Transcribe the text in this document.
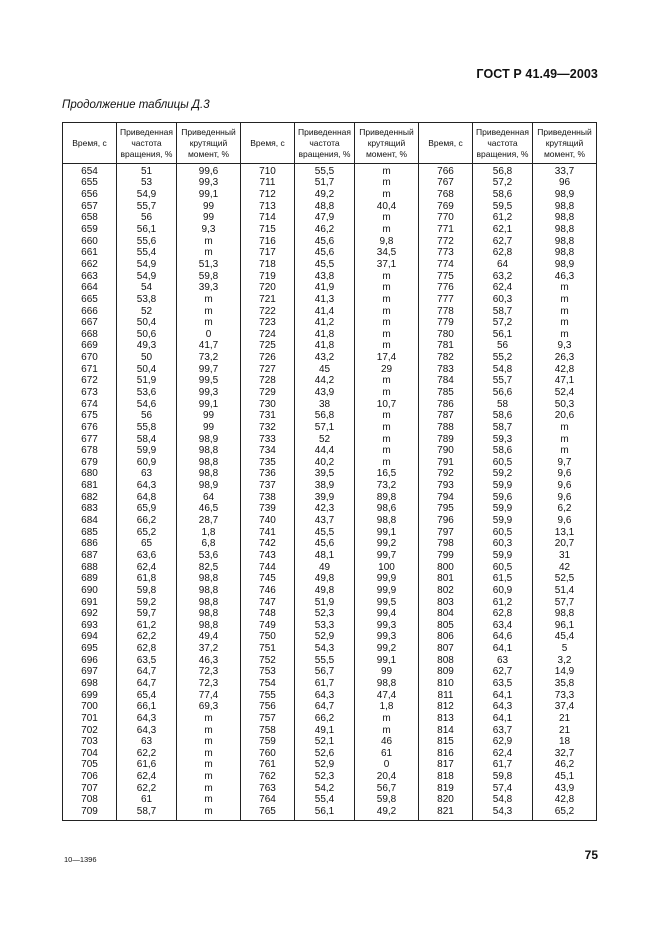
ГОСТ Р 41.49—2003
Продолжение таблицы Д.3
Время, с	Приведенная частота вращения, %	Приведенный крутящий момент, %	Время, с	Приведенная частота вращения, %	Приведенный крутящий момент, %	Время, с	Приведенная частота вращения, %	Приведенный крутящий момент, %
654	51	99,6	710	55,5	m	766	56,8	33,7
655	53	99,3	711	51,7	m	767	57,2	96
656	54,9	99,1	712	49,2	m	768	58,6	98,9
657	55,7	99	713	48,8	40,4	769	59,5	98,8
658	56	99	714	47,9	m	770	61,2	98,8
659	56,1	9,3	715	46,2	m	771	62,1	98,8
660	55,6	m	716	45,6	9,8	772	62,7	98,8
661	55,4	m	717	45,6	34,5	773	62,8	98,8
662	54,9	51,3	718	45,5	37,1	774	64	98,9
663	54,9	59,8	719	43,8	m	775	63,2	46,3
664	54	39,3	720	41,9	m	776	62,4	m
665	53,8	m	721	41,3	m	777	60,3	m
666	52	m	722	41,4	m	778	58,7	m
667	50,4	m	723	41,2	m	779	57,2	m
668	50,6	0	724	41,8	m	780	56,1	m
669	49,3	41,7	725	41,8	m	781	56	9,3
670	50	73,2	726	43,2	17,4	782	55,2	26,3
671	50,4	99,7	727	45	29	783	54,8	42,8
672	51,9	99,5	728	44,2	m	784	55,7	47,1
673	53,6	99,3	729	43,9	m	785	56,6	52,4
674	54,6	99,1	730	38	10,7	786	58	50,3
675	56	99	731	56,8	m	787	58,6	20,6
676	55,8	99	732	57,1	m	788	58,7	m
677	58,4	98,9	733	52	m	789	59,3	m
678	59,9	98,8	734	44,4	m	790	58,6	m
679	60,9	98,8	735	40,2	m	791	60,5	9,7
680	63	98,8	736	39,5	16,5	792	59,2	9,6
681	64,3	98,9	737	38,9	73,2	793	59,9	9,6
682	64,8	64	738	39,9	89,8	794	59,6	9,6
683	65,9	46,5	739	42,3	98,6	795	59,9	6,2
684	66,2	28,7	740	43,7	98,8	796	59,9	9,6
685	65,2	1,8	741	45,5	99,1	797	60,5	13,1
686	65	6,8	742	45,6	99,2	798	60,3	20,7
687	63,6	53,6	743	48,1	99,7	799	59,9	31
688	62,4	82,5	744	49	100	800	60,5	42
689	61,8	98,8	745	49,8	99,9	801	61,5	52,5
690	59,8	98,8	746	49,8	99,9	802	60,9	51,4
691	59,2	98,8	747	51,9	99,5	803	61,2	57,7
692	59,7	98,8	748	52,3	99,4	804	62,8	98,8
693	61,2	98,8	749	53,3	99,3	805	63,4	96,1
694	62,2	49,4	750	52,9	99,3	806	64,6	45,4
695	62,8	37,2	751	54,3	99,2	807	64,1	5
696	63,5	46,3	752	55,5	99,1	808	63	3,2
697	64,7	72,3	753	56,7	99	809	62,7	14,9
698	64,7	72,3	754	61,7	98,8	810	63,5	35,8
699	65,4	77,4	755	64,3	47,4	811	64,1	73,3
700	66,1	69,3	756	64,7	1,8	812	64,3	37,4
701	64,3	m	757	66,2	m	813	64,1	21
702	64,3	m	758	49,1	m	814	63,7	21
703	63	m	759	52,1	46	815	62,9	18
704	62,2	m	760	52,6	61	816	62,4	32,7
705	61,6	m	761	52,9	0	817	61,7	46,2
706	62,4	m	762	52,3	20,4	818	59,8	45,1
707	62,2	m	763	54,2	56,7	819	57,4	43,9
708	61	m	764	55,4	59,8	820	54,8	42,8
709	58,7	m	765	56,1	49,2	821	54,3	65,2
10—1396	75
